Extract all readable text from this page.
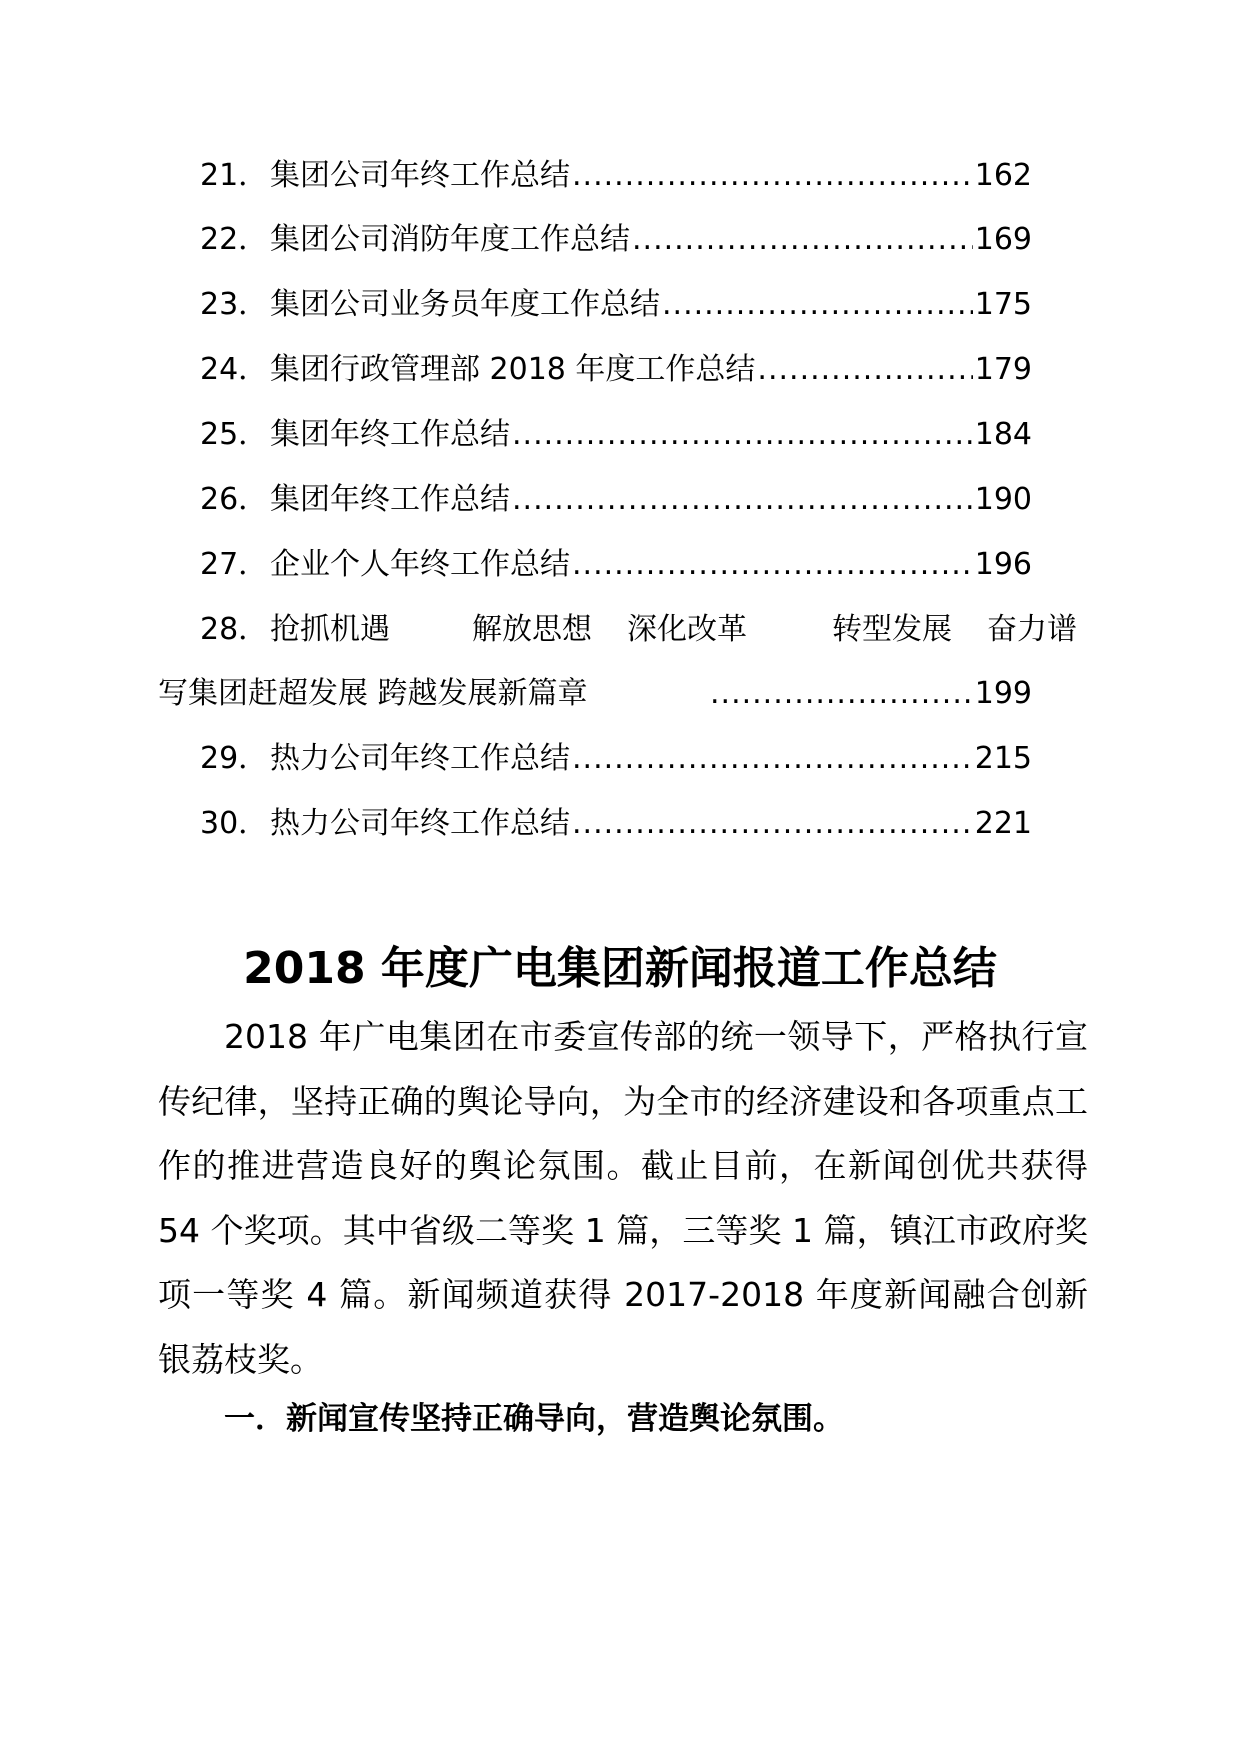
21． 集团公司年终工作总结 .....	162
22． 集团公司消防年度工作总结 .....	169
23． 集团公司业务员年度工作总结 .....	175
24． 集团行政管理部 2018 年度工作总结 .....	179
25． 集团年终工作总结 .....	184
26． 集团年终工作总结 .....	190
27． 企业个人年终工作总结 .....	196
28． 抢抓机遇	解放思想	深化改革	转型发展	奋力谱
写集团赶超发展 跨越发展新篇章 .....	199
29． 热力公司年终工作总结 .....	215
30． 热力公司年终工作总结 .....	221
2018 年度广电集团新闻报道工作总结

2018 年广电集团在市委宣传部的统一领导下，严格执行宣传纪律，坚持正确的舆论导向，为全市的经济建设和各项重点工作的推进营造良好的舆论氛围。截止目前，在新闻创优共获得 54 个奖项。其中省级二等奖 1 篇，三等奖 1 篇，镇江市政府奖项一等奖 4 篇。新闻频道获得 2017-2018 年度新闻融合创新银荔枝奖。

一．新闻宣传坚持正确导向，营造舆论氛围。
